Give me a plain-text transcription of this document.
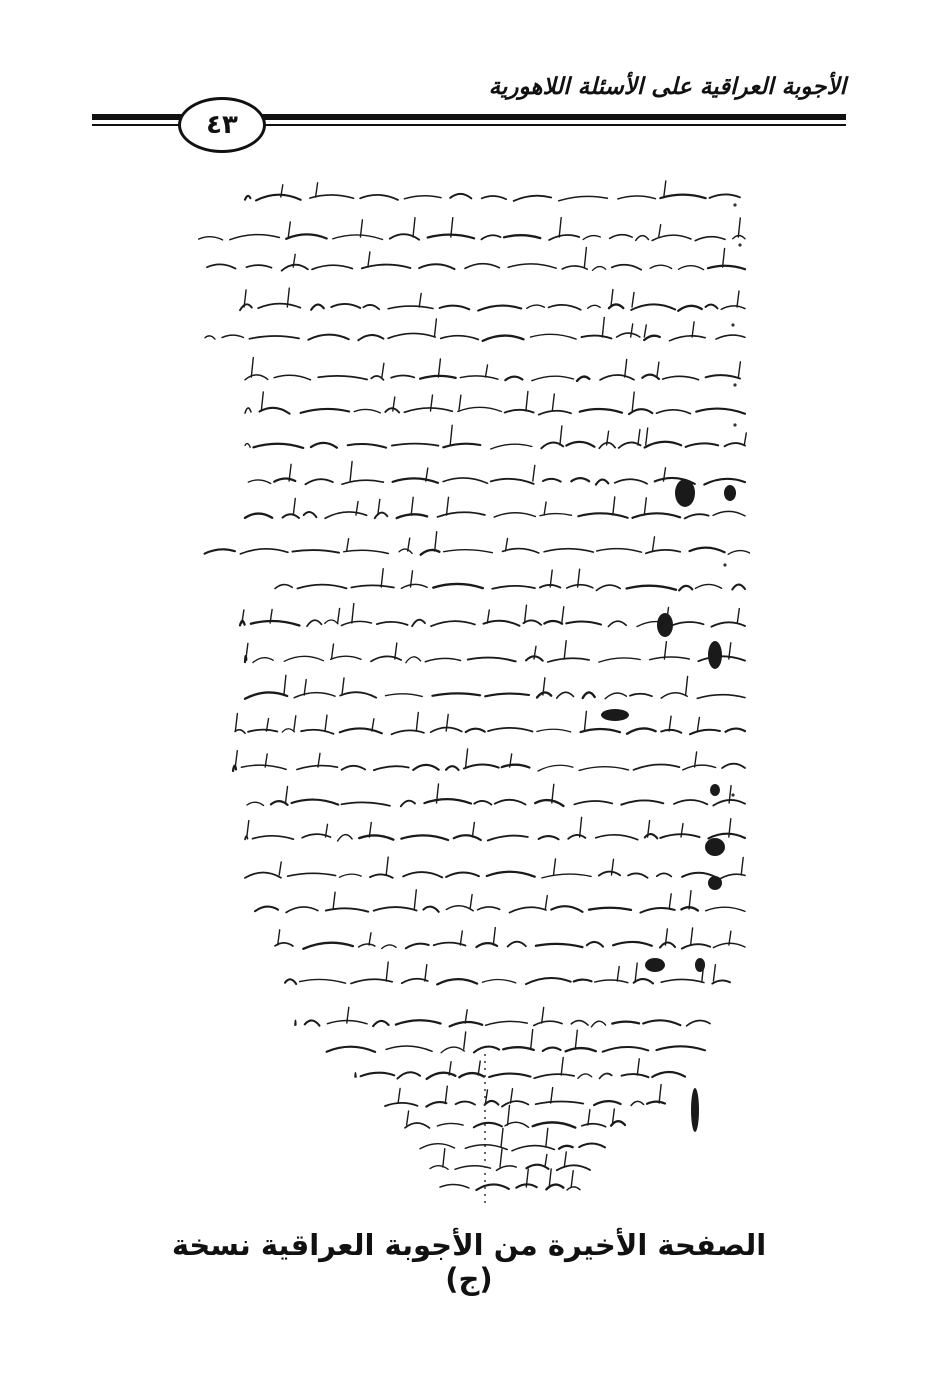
الأجوبة العراقية على الأسئلة اللاهورية
٤٣
الصفحة الأخيرة من الأجوبة العراقية نسخة (ج)
